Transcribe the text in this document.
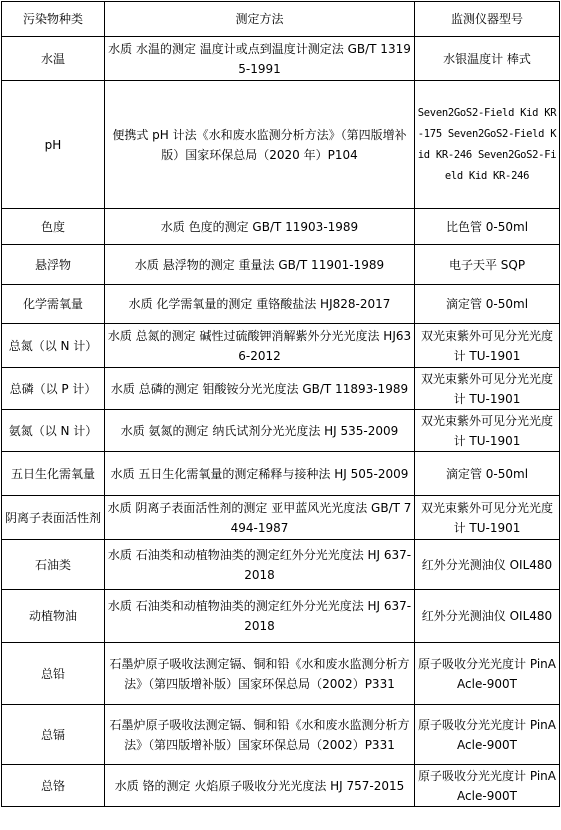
污染物种类	测定方法	监测仪器型号
水温	水质 水温的测定 温度计或点到温度计测定法 GB/T 13195-1991	水银温度计 棒式
pH	便携式 pH 计法《水和废水监测分析方法》（第四版增补版）国家环保总局（2020 年）P104	Seven2GoS2-Field Kid KR-175 Seven2GoS2-Field Kid KR-246 Seven2GoS2-Field Kid KR-246
色度	水质 色度的测定 GB/T 11903-1989	比色管 0-50ml
悬浮物	水质 悬浮物的测定 重量法 GB/T 11901-1989	电子天平 SQP
化学需氧量	水质 化学需氧量的测定 重铬酸盐法 HJ828-2017	滴定管 0-50ml
总氮（以 N 计）	水质 总氮的测定 碱性过硫酸钾消解紫外分光光度法 HJ636-2012	双光束紫外可见分光光度计 TU-1901
总磷（以 P 计）	水质 总磷的测定 钼酸铵分光光度法 GB/T 11893-1989	双光束紫外可见分光光度计 TU-1901
氨氮（以 N 计）	水质 氨氮的测定 纳氏试剂分光光度法 HJ 535-2009	双光束紫外可见分光光度计 TU-1901
五日生化需氧量	水质 五日生化需氧量的测定稀释与接种法 HJ 505-2009	滴定管 0-50ml
阴离子表面活性剂	水质 阴离子表面活性剂的测定 亚甲蓝风光光度法 GB/T 7494-1987	双光束紫外可见分光光度计 TU-1901
石油类	水质 石油类和动植物油类的测定红外分光光度法 HJ 637-2018	红外分光测油仪 OIL480
动植物油	水质 石油类和动植物油类的测定红外分光光度法 HJ 637-2018	红外分光测油仪 OIL480
总铅	石墨炉原子吸收法测定镉、铜和铅《水和废水监测分析方法》（第四版增补版）国家环保总局（2002）P331	原子吸收分光光度计 PinAAcle-900T
总镉	石墨炉原子吸收法测定镉、铜和铅《水和废水监测分析方法》（第四版增补版）国家环保总局（2002）P331	原子吸收分光光度计 PinAAcle-900T
总铬	水质 铬的测定 火焰原子吸收分光光度法 HJ 757-2015	原子吸收分光光度计 PinAAcle-900T
